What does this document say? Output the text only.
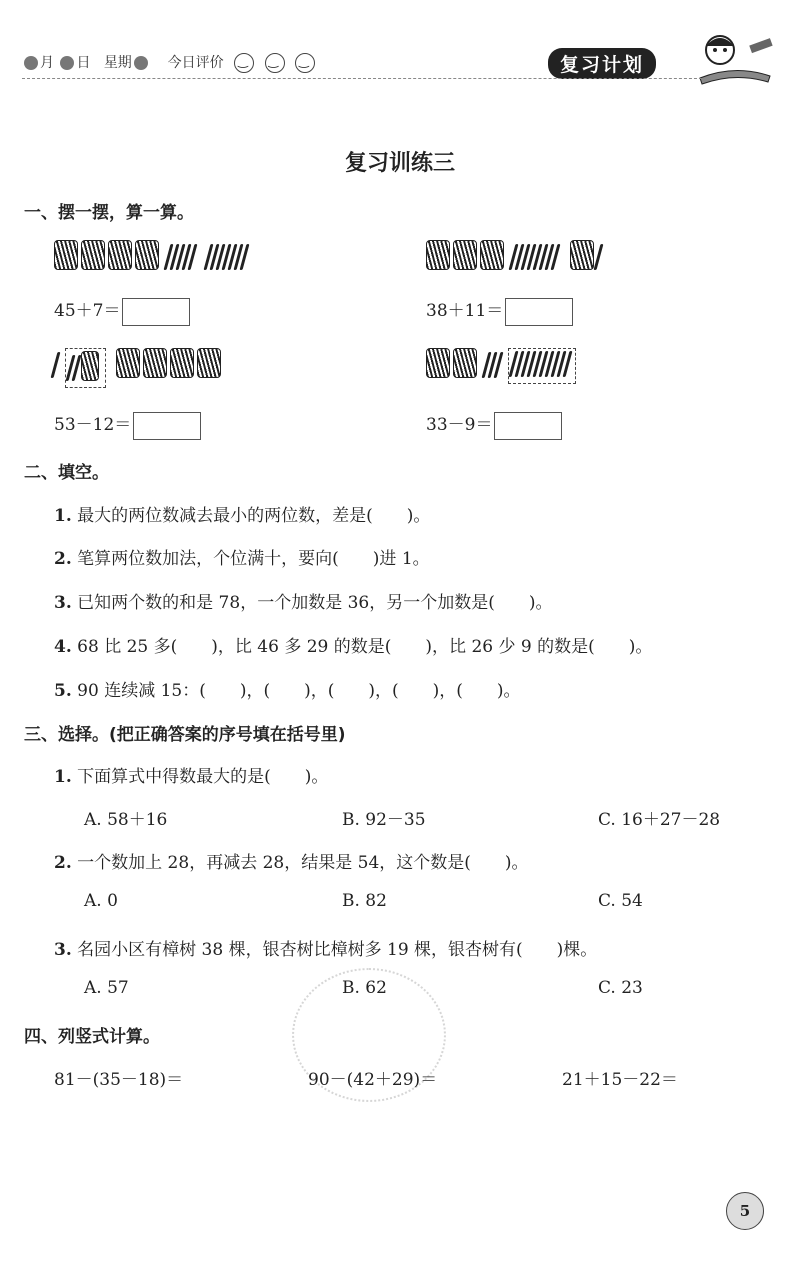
月 日 星期	今日评价 ‿ ‿ ‿	复习计划
复习训练三
一、摆一摆，算一算。

45＋7＝	38＋11＝

53－12＝	33－9＝
二、填空。
1. 最大的两位数减去最小的两位数，差是(　　)。
2. 笔算两位数加法，个位满十，要向(　　)进 1。
3. 已知两个数的和是 78，一个加数是 36，另一个加数是(　　)。
4. 68 比 25 多(　　)，比 46 多 29 的数是(　　)，比 26 少 9 的数是(　　)。
5. 90 连续减 15：(　　)，(　　)，(　　)，(　　)，(　　)。
三、选择。(把正确答案的序号填在括号里)
1. 下面算式中得数最大的是(　　)。
A. 58＋16	B. 92－35	C. 16＋27－28
2. 一个数加上 28，再减去 28，结果是 54，这个数是(　　)。
A. 0	B. 82	C. 54
3. 名园小区有樟树 38 棵，银杏树比樟树多 19 棵，银杏树有(　　)棵。
A. 57	B. 62	C. 23
四、列竖式计算。
81－(35－18)＝	90－(42＋29)＝	21＋15－22＝
5
